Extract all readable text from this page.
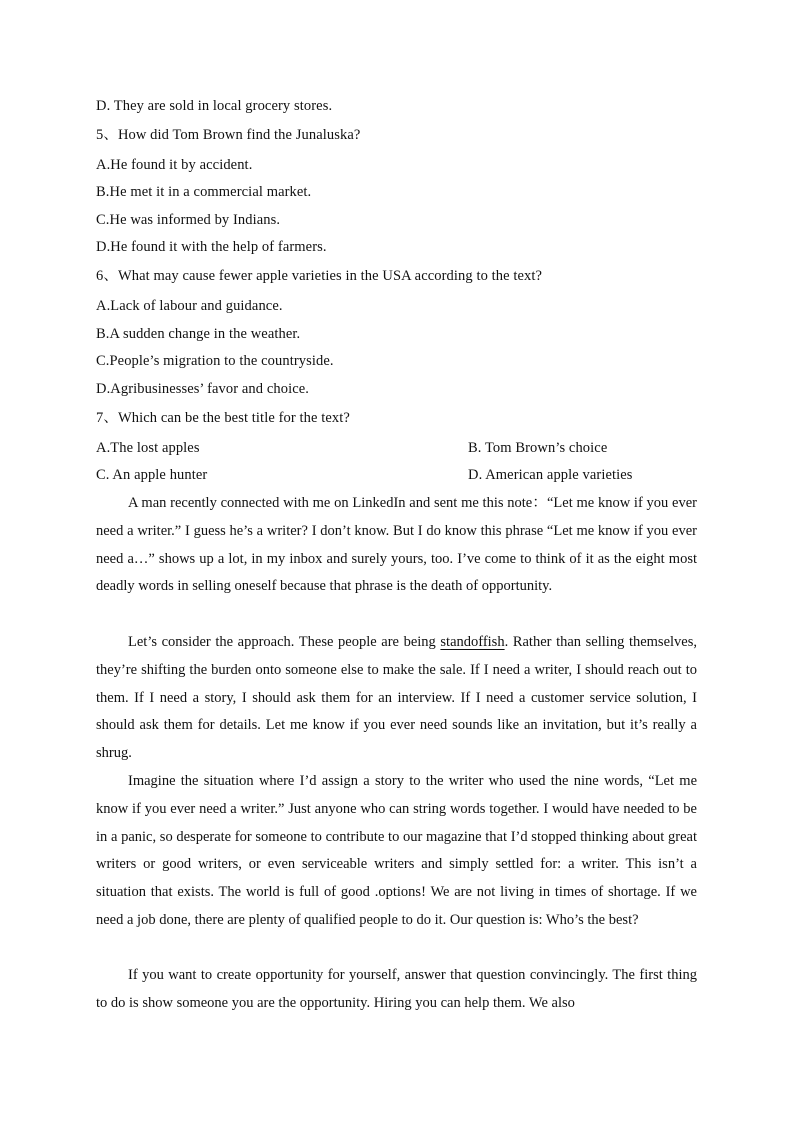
D. They are sold in local grocery stores.
5、How did Tom Brown find the Junaluska?
A.He found it by accident.
B.He met it in a commercial market.
C.He was informed by Indians.
D.He found it with the help of farmers.
6、What may cause fewer apple varieties in the USA according to the text?
A.Lack of labour and guidance.
B.A sudden change in the weather.
C.People’s migration to the countryside.
D.Agribusinesses’ favor and choice.
7、Which can be the best title for the text?
A.The lost apples	B. Tom Brown’s choice
C. An apple hunter	D. American apple varieties

A man recently connected with me on LinkedIn and sent me this note：“Let me know if you ever need a writer.” I guess he’s a writer? I don’t know. But I do know this phrase “Let me know if you ever need a…” shows up a lot, in my inbox and surely yours, too. I’ve come to think of it as the eight most deadly words in selling oneself because that phrase is the death of opportunity.

Let’s consider the approach. These people are being standoffish. Rather than selling themselves, they’re shifting the burden onto someone else to make the sale. If I need a writer, I should reach out to them. If I need a story, I should ask them for an interview. If I need a customer service solution, I should ask them for details. Let me know if you ever need sounds like an invitation, but it’s really a shrug.

Imagine the situation where I’d assign a story to the writer who used the nine words, “Let me know if you ever need a writer.” Just anyone who can string words together. I would have needed to be in a panic, so desperate for someone to contribute to our magazine that I’d stopped thinking about great writers or good writers, or even serviceable writers and simply settled for: a writer. This isn’t a situation that exists. The world is full of good .options! We are not living in times of shortage. If we need a job done, there are plenty of qualified people to do it. Our question is: Who’s the best?

If you want to create opportunity for yourself, answer that question convincingly. The first thing to do is show someone you are the opportunity. Hiring you can help them. We also
